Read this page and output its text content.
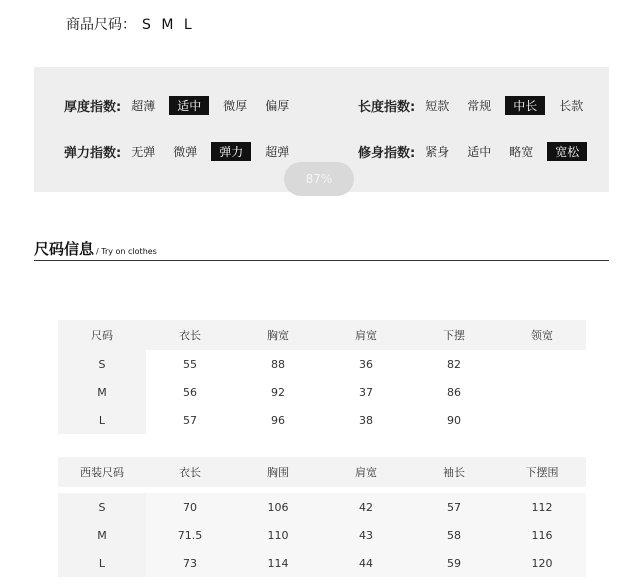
商品尺码： S M L
厚度指数: 超薄	适中	微厚	偏厚	长度指数: 短款	常规	中长	长款
弹力指数: 无弹	微弹	弹力	超弹	修身指数: 紧身	适中	略宽	宽松
87%
尺码信息 / Try on clothes
尺码	衣长	胸宽	肩宽	下摆	领宽
S	55	88	36	82
M	56	92	37	86
L	57	96	38	90
西装尺码	衣长	胸围	肩宽	袖长	下摆围
S	70	106	42	57	112
M	71.5	110	43	58	116
L	73	114	44	59	120
